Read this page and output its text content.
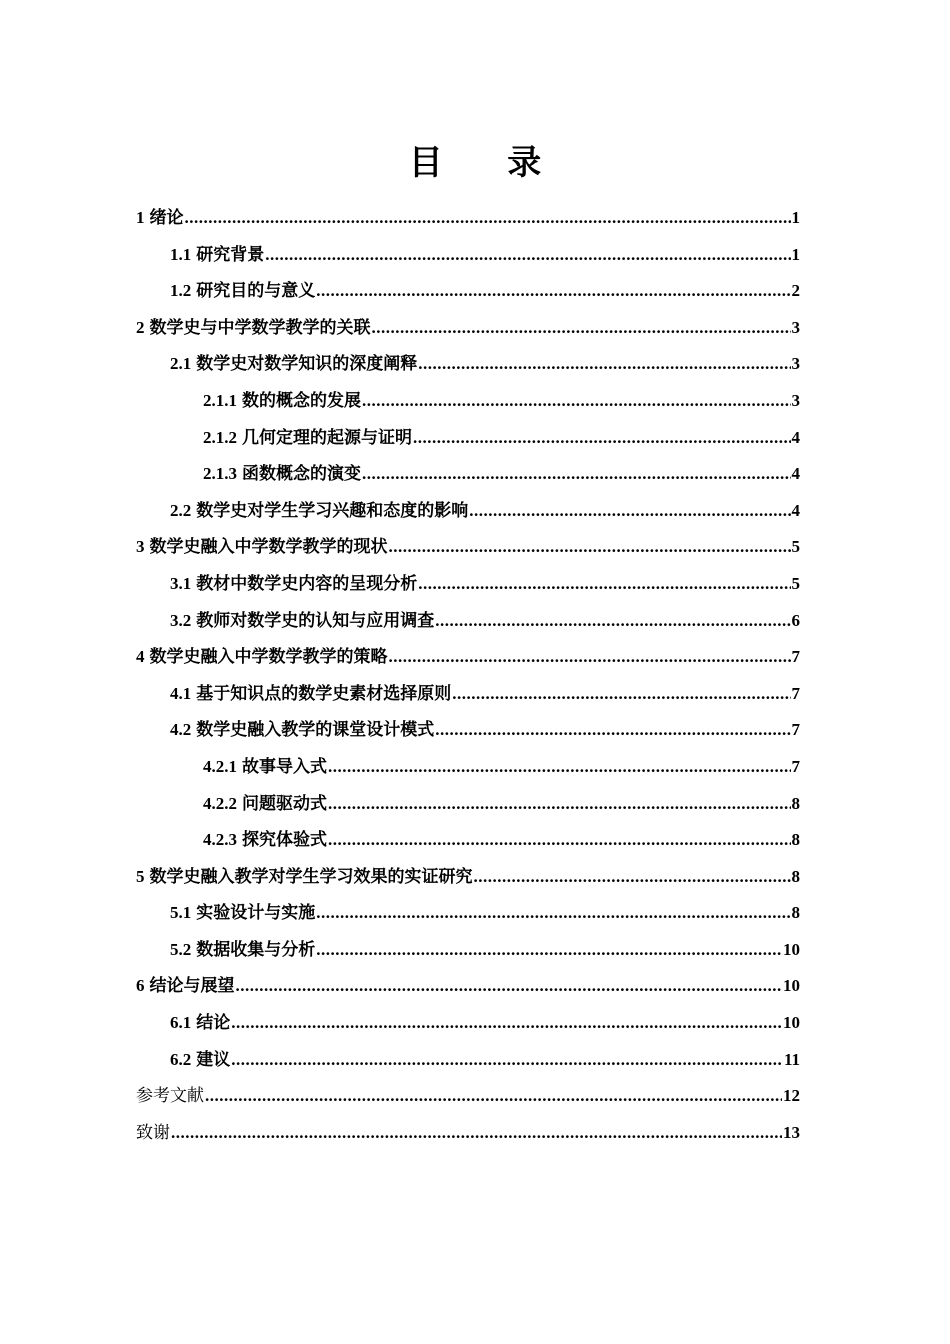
目 录
1 绪论 .....	1
1.1 研究背景 .....	1
1.2 研究目的与意义 .....	2
2 数学史与中学数学教学的关联 .....	3
2.1 数学史对数学知识的深度阐释 .....	3
2.1.1 数的概念的发展 .....	3
2.1.2 几何定理的起源与证明 .....	4
2.1.3 函数概念的演变 .....	4
2.2 数学史对学生学习兴趣和态度的影响 .....	4
3 数学史融入中学数学教学的现状 .....	5
3.1 教材中数学史内容的呈现分析 .....	5
3.2 教师对数学史的认知与应用调查 .....	6
4 数学史融入中学数学教学的策略 .....	7
4.1 基于知识点的数学史素材选择原则 .....	7
4.2 数学史融入教学的课堂设计模式 .....	7
4.2.1 故事导入式 .....	7
4.2.2 问题驱动式 .....	8
4.2.3 探究体验式 .....	8
5 数学史融入教学对学生学习效果的实证研究 .....	8
5.1 实验设计与实施 .....	8
5.2 数据收集与分析 .....	10
6 结论与展望 .....	10
6.1 结论 .....	10
6.2 建议 .....	11
参考文献 .....	12
致谢 .....	13
